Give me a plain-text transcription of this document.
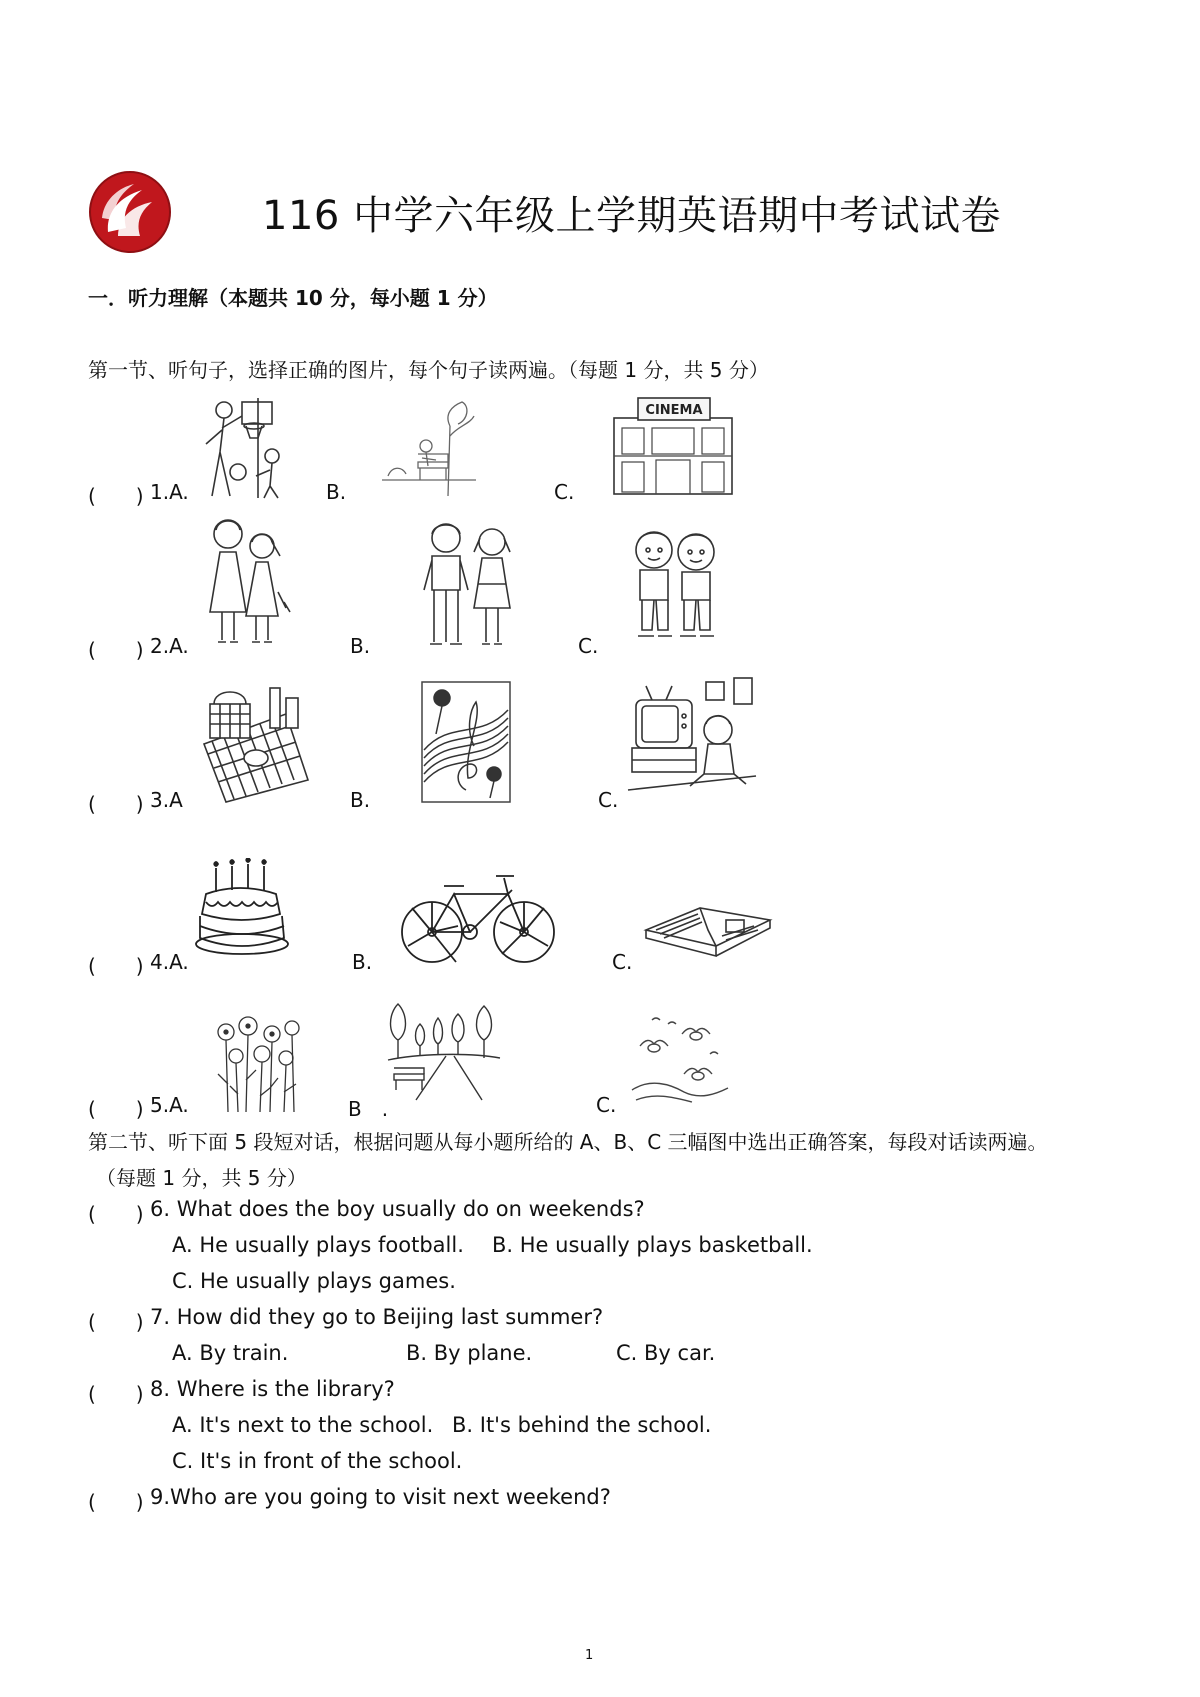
116 中学六年级上学期英语期中考试试卷
一．听力理解（本题共 10 分，每小题 1 分）
第一节、听句子，选择正确的图片，每个句子读两遍。（每题 1 分，共 5 分）
(　　) 1.A.	B.	C.
CINEMA
(　　) 2.A.	B.	C.
(　　) 3.A	B.	C.
(　　) 4.A.	B.	C.
(　　) 5.A.	B　.	C.
第二节、听下面 5 段短对话，根据问题从每小题所给的 A、B、C 三幅图中选出正确答案，每段对话读两遍。
（每题 1 分，共 5 分）
(　　) 6. What does the boy usually do on weekends?
A. He usually plays football. B. He usually plays basketball.
C. He usually plays games.
(　　) 7. How did they go to Beijing last summer?
A. By train.	B. By plane.	C. By car.
(　　) 8. Where is the library?
A. It's next to the school. B. It's behind the school.
C. It's in front of the school.
(　　) 9.Who are you going to visit next weekend?
1
